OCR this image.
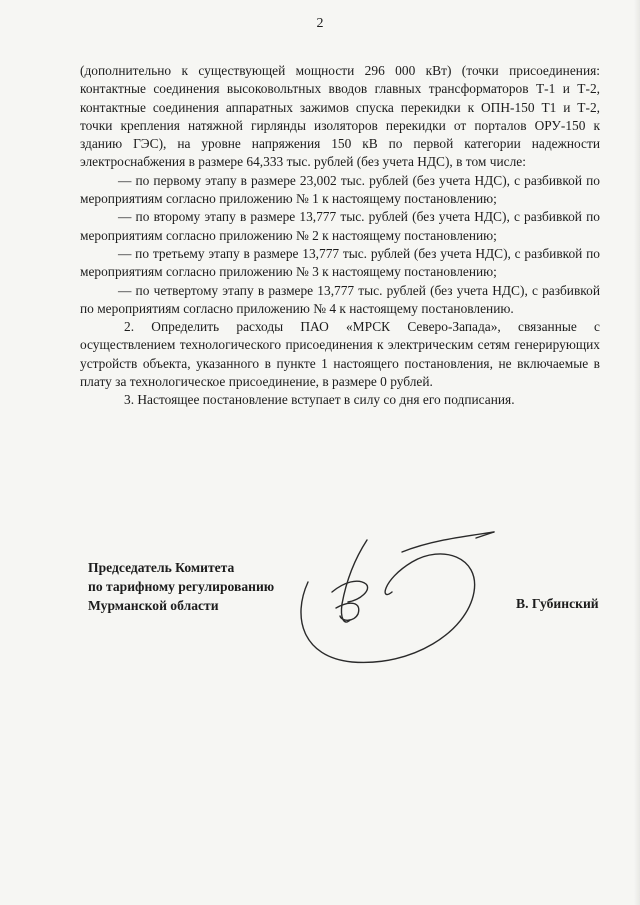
2

(дополнительно к существующей мощности 296 000 кВт) (точки присоединения: контактные соединения высоковольтных вводов главных трансформаторов Т-1 и Т-2, контактные соединения аппаратных зажимов спуска перекидки к ОПН-150 Т1 и Т-2, точки крепления натяжной гирлянды изоляторов перекидки от порталов ОРУ-150 к зданию ГЭС), на уровне напряжения 150 кВ по первой категории надежности электроснабжения в размере 64,333 тыс. рублей (без учета НДС), в том числе:

— по первому этапу в размере 23,002 тыс. рублей (без учета НДС), с разбивкой по мероприятиям согласно приложению № 1 к настоящему постановлению;

— по второму этапу в размере 13,777 тыс. рублей (без учета НДС), с разбивкой по мероприятиям согласно приложению № 2 к настоящему постановлению;

— по третьему этапу в размере 13,777 тыс. рублей (без учета НДС), с разбивкой по мероприятиям согласно приложению № 3 к настоящему постановлению;

— по четвертому этапу в размере 13,777 тыс. рублей (без учета НДС), с разбивкой по мероприятиям согласно приложению № 4 к настоящему постановлению.

2. Определить расходы ПАО «МРСК Северо-Запада», связанные с осуществлением технологического присоединения к электрическим сетям генерирующих устройств объекта, указанного в пункте 1 настоящего постановления, не включаемые в плату за технологическое присоединение, в размере 0 рублей.

3. Настоящее постановление вступает в силу со дня его подписания.

Председатель Комитета
по тарифному регулированию
Мурманской области	В. Губинский
